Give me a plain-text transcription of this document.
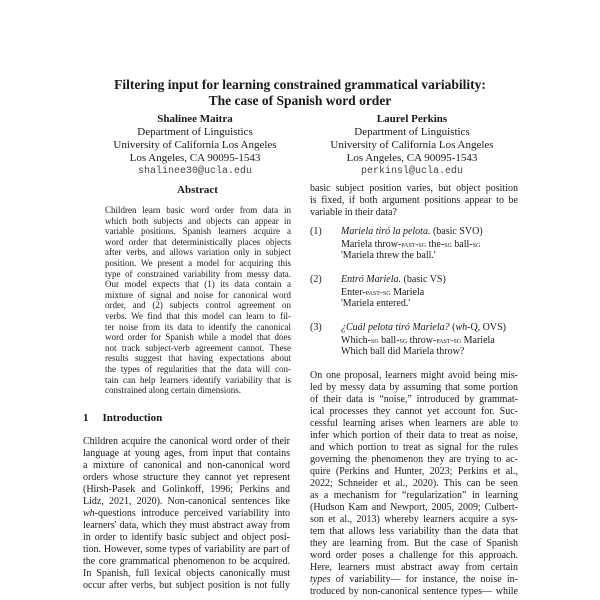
Filtering input for learning constrained grammatical variability:
The case of Spanish word order
Shalinee Maitra
Department of Linguistics
University of California Los Angeles
Los Angeles, CA 90095-1543
shalinee30@ucla.edu
Laurel Perkins
Department of Linguistics
University of California Los Angeles
Los Angeles, CA 90095-1543
perkinsl@ucla.edu
Abstract
Children learn basic word order from data in
which both subjects and objects can appear in
variable positions. Spanish learners acquire a
word order that deterministically places objects
after verbs, and allows variation only in subject
position. We present a model for acquiring this
type of constrained variability from messy data.
Our model expects that (1) its data contain a
mixture of signal and noise for canonical word
order, and (2) subjects control agreement on
verbs. We find that this model can learn to fil-
ter noise from its data to identify the canonical
word order for Spanish while a model that does
not track subject-verb agreement cannot. These
results suggest that having expectations about
the types of regularities that the data will con-
tain can help learners identify variability that is
constrained along certain dimensions.
1 Introduction
Children acquire the canonical word order of their
language at young ages, from input that contains
a mixture of canonical and non-canonical word
orders whose structure they cannot yet represent
(Hirsh-Pasek and Golinkoff, 1996; Perkins and
Lidz, 2021, 2020). Non-canonical sentences like
wh-questions introduce perceived variability into
learners' data, which they must abstract away from
in order to identify basic subject and object posi-
tion. However, some types of variability are part of
the core grammatical phenomenon to be acquired.
In Spanish, full lexical objects canonically must
occur after verbs, but subject position is not fully
basic subject position varies, but object position
is fixed, if both argument positions appear to be
variable in their data?
(1) Mariela tiró la pelota. (basic SVO)
Mariela throw-past-sg the-sg ball-sg
'Mariela threw the ball.'
(2) Entró Mariela. (basic VS)
Enter-past-sg Mariela
'Mariela entered.'
(3) ¿Cuál pelota tiró Mariela? (wh-Q, OVS)
Which-sg ball-sg throw-past-sg Mariela
Which ball did Mariela throw?
On one proposal, learners might avoid being mis-
led by messy data by assuming that some portion
of their data is “noise,” introduced by grammat-
ical processes they cannot yet account for. Suc-
cessful learning arises when learners are able to
infer which portion of their data to treat as noise,
and which portion to treat as signal for the rules
governing the phenomenon they are trying to ac-
quire (Perkins and Hunter, 2023; Perkins et al.,
2022; Schneider et al., 2020). This can be seen
as a mechanism for “regularization” in learning
(Hudson Kam and Newport, 2005, 2009; Culbert-
son et al., 2013) whereby learners acquire a sys-
tem that allows less variability than the data that
they are learning from. But the case of Spanish
word order poses a challenge for this approach.
Here, learners must abstract away from certain
types of variability— for instance, the noise in-
troduced by non-canonical sentence types— while
